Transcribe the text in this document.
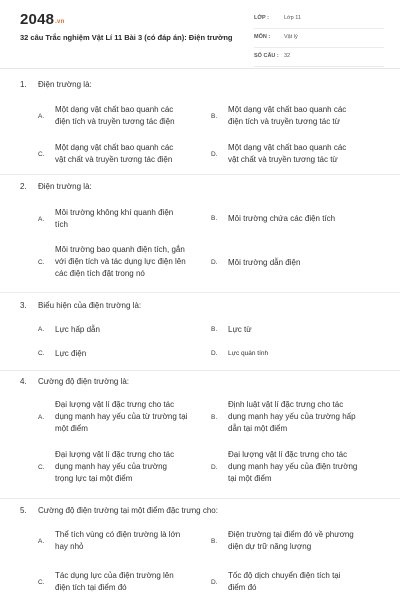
2048.vn
32 câu Trắc nghiệm Vật Lí 11 Bài 3 (có đáp án): Điện trường
LỚP :	Lớp 11
MÔN :	Vật lý
SỐ CÂU : 32
1. Điện trường là:
A.
Một dạng vật chất bao quanh các
điện tích và truyền tương tác điện
B.
Một dạng vật chất bao quanh các
điện tích và truyền tương tác từ
C.
Một dạng vật chất bao quanh các
vật chất và truyền tương tác điện
D.
Một dạng vật chất bao quanh các
vật chất và truyền tương tác từ
2. Điện trường là:
A.
Môi trường không khí quanh điện
tích
B. Môi trường chứa các điện tích
C.
Môi trường bao quanh điện tích, gắn
với điện tích và tác dụng lực điện lên
các điện tích đặt trong nó
D. Môi trường dẫn điện
3. Biểu hiện của điện trường là:
A. Lực hấp dẫn	B. Lực từ
C. Lực điện	D. Lực quán tính
4. Cường độ điện trường là:
A.
Đại lượng vật lí đặc trưng cho tác
dụng mạnh hay yếu của từ trường tại
một điểm
B.
Định luật vật lí đặc trưng cho tác
dụng mạnh hay yếu của trường hấp
dẫn tại một điểm
C.
Đại lượng vật lí đặc trưng cho tác
dụng mạnh hay yếu của trường
trọng lực tại một điểm
D.
Đại lượng vật lí đặc trưng cho tác
dụng mạnh hay yếu của điện trường
tại một điểm
5. Cường độ điện trường tại một điểm đặc trưng cho:
A.
Thể tích vùng có điện trường là lớn
hay nhỏ
B.
Điện trường tại điểm đó về phương
diện dự trữ năng lượng
C.
Tác dụng lực của điện trường lên
điện tích tại điểm đó
D.
Tốc độ dịch chuyển điện tích tại
điểm đó
